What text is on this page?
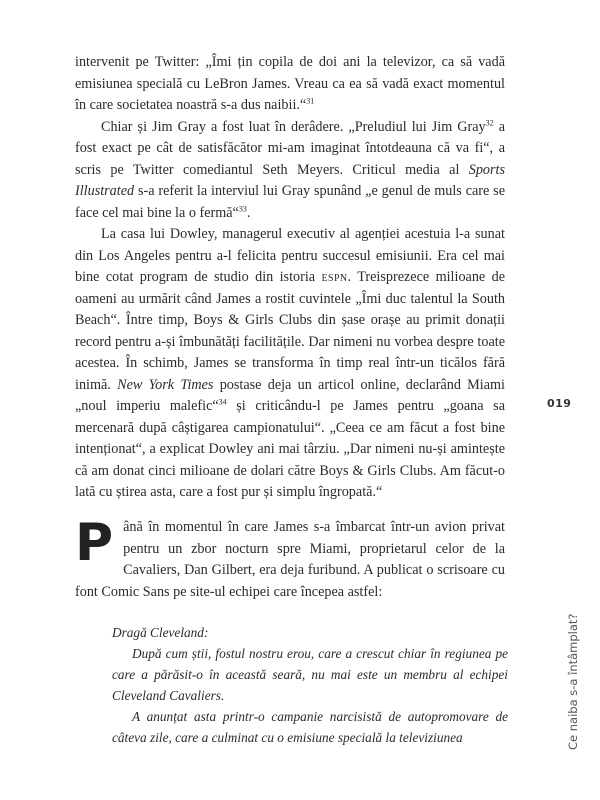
intervenit pe Twitter: „Îmi țin copila de doi ani la televizor, ca să vadă emisiunea specială cu LeBron James. Vreau ca ea să vadă exact momentul în care societatea noastră s-a dus naibii.“$^{31}$

Chiar și Jim Gray a fost luat în derâdere. „Preludiul lui Jim Gray$^{32}$ a fost exact pe cât de satisfăcător mi-am imaginat întotdeauna că va fi“, a scris pe Twitter comediantul Seth Meyers. Criticul media al Sports Illustrated s-a referit la interviul lui Gray spunând „e genul de muls care se face cel mai bine la o fermă“$^{33}$.

La casa lui Dowley, managerul executiv al agenției acestuia l-a sunat din Los Angeles pentru a-l felicita pentru succesul emisiunii. Era cel mai bine cotat program de studio din istoria espn. Treisprezece milioane de oameni au urmărit când James a rostit cuvintele „Îmi duc talentul la South Beach“. Între timp, Boys & Girls Clubs din șase orașe au primit donații record pentru a-și îmbunătăți facilitățile. Dar nimeni nu vorbea despre toate acestea. În schimb, James se transforma în timp real într-un ticălos fără inimă. New York Times postase deja un articol online, declarând Miami „noul imperiu malefic“$^{34}$ și criticându-l pe James pentru „goana sa mercenară după câștigarea campionatului“. „Ceea ce am făcut a fost bine intenționat“, a explicat Dowley ani mai târziu. „Dar nimeni nu-și amintește că am donat cinci milioane de dolari către Boys & Girls Clubs. Am făcut-o lată cu știrea asta, care a fost pur și simplu îngropată.“

Până în momentul în care James s-a îmbarcat într-un avion privat pentru un zbor nocturn spre Miami, proprietarul celor de la Cavaliers, Dan Gilbert, era deja furibund. A publicat o scrisoare cu font Comic Sans pe site-ul echipei care începea astfel:

Dragă Cleveland:

După cum știi, fostul nostru erou, care a crescut chiar în regiunea pe care a părăsit-o în această seară, nu mai este un membru al echipei Cleveland Cavaliers.

A anunțat asta printr-o campanie narcisistă de autopromovare de câteva zile, care a culminat cu o emisiune specială la televiziunea

019
Ce naiba s-a întâmplat?
